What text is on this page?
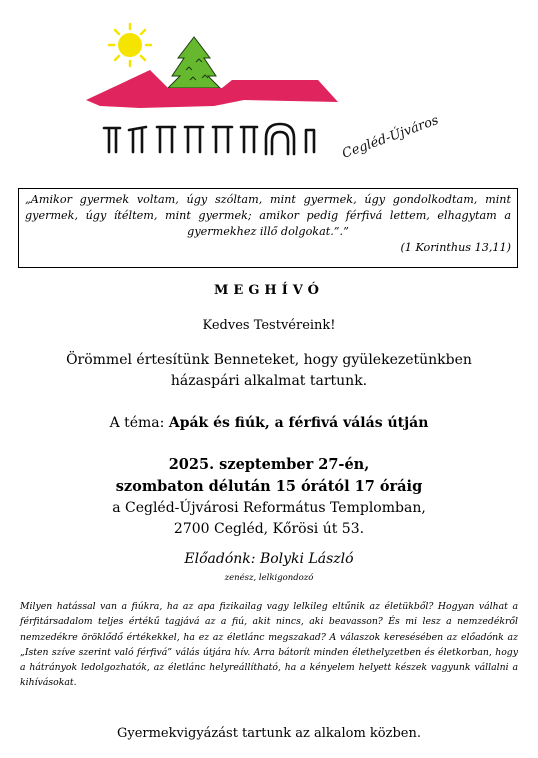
Cegléd-Újváros
„Amikor gyermek voltam, úgy szóltam, mint gyermek, úgy gondolkodtam, mint gyermek, úgy ítéltem, mint gyermek; amikor pedig férfivá lettem, elhagytam a gyermekhez illő dolgokat.”.”
(1 Korinthus 13,11)
MEGHÍVÓ
Kedves Testvéreink!
Örömmel értesítünk Benneteket, hogy gyülekezetünkben
házaspári alkalmat tartunk.
A téma: Apák és fiúk, a férfivá válás útján
2025. szeptember 27-én,
szombaton délután 15 órától 17 óráig
a Cegléd-Újvárosi Református Templomban,
2700 Cegléd, Kőrösi út 53.
Előadónk: Bolyki László
zenész, lelkigondozó
Milyen hatással van a fiúkra, ha az apa fizikailag vagy lelkileg eltűnik az életükből? Hogyan válhat a férfitársadalom teljes értékű tagjává az a fiú, akit nincs, aki beavasson? És mi lesz a nemzedékről nemzedékre öröklődő értékekkel, ha ez az életlánc megszakad? A válaszok keresésében az előadónk az „Isten szíve szerint való férfivá” válás útjára hív. Arra bátorít minden élethelyzetben és életkorban, hogy a hátrányok ledolgozhatók, az életlánc helyreállítható, ha a kényelem helyett készek vagyunk vállalni a kihívásokat.
Gyermekvigyázást tartunk az alkalom közben.
